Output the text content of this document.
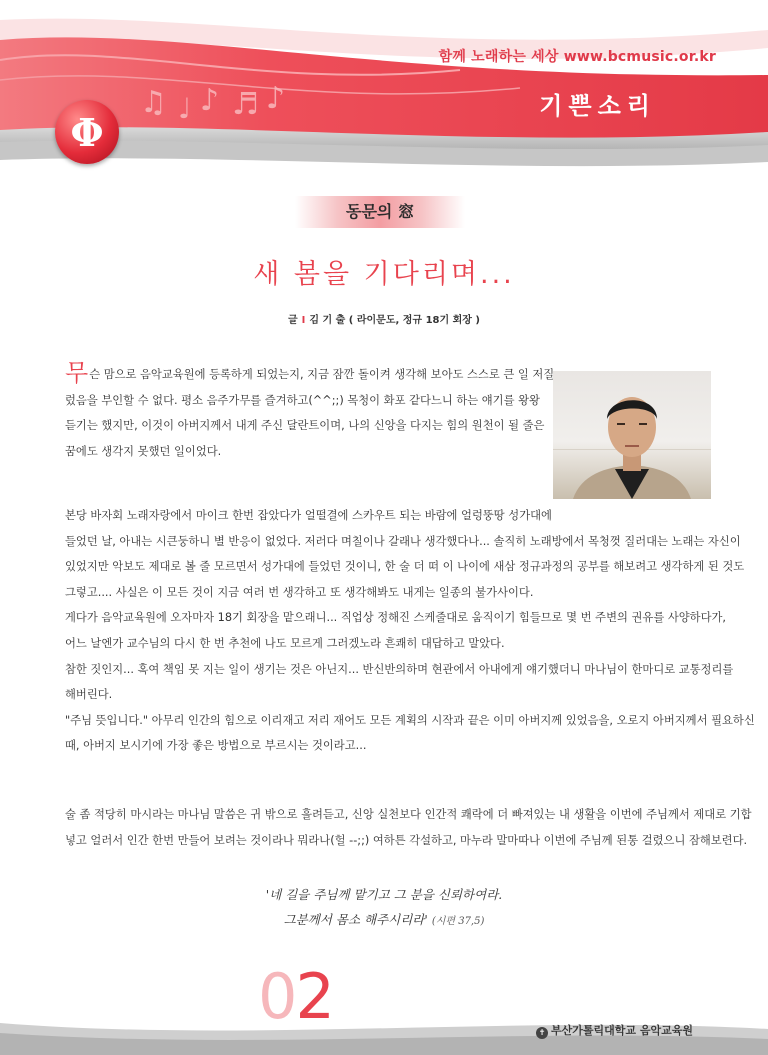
♫ ♩ ♪ ♬ ♪
함께 노래하는 세상 www.bcmusic.or.kr
기쁜소리
Φ
동문의 窓
새 봄을 기다리며...
글 I 김 기 출 ( 라이문도, 정규 18기 회장 )
무 슨 맘으로 음악교육원에 등록하게 되었는지, 지금 잠깐 돌이켜 생각해 보아도 스스로 큰 일 저질
렀음을 부인할 수 없다. 평소 음주가무를 즐겨하고(^^;;) 목청이 화포 같다느니 하는 얘기를 왕왕
듣기는 했지만, 이것이 아버지께서 내게 주신 달란트이며, 나의 신앙을 다지는 힘의 원천이 될 줄은
꿈에도 생각지 못했던 일이었다.
본당 바자회 노래자랑에서 마이크 한번 잡았다가 얼떨결에 스카우트 되는 바람에 얼렁뚱땅 성가대에
들었던 날, 아내는 시큰둥하니 별 반응이 없었다. 저러다 며칠이나 갈래나 생각했다나... 솔직히 노래방에서 목청껏 질러대는 노래는 자신이
있었지만 악보도 제대로 볼 줄 모르면서 성가대에 들었던 것이니, 한 술 더 떠 이 나이에 새삼 정규과정의 공부를 해보려고 생각하게 된 것도
그렇고.... 사실은 이 모든 것이 지금 여러 번 생각하고 또 생각해봐도 내게는 일종의 불가사이다.
게다가 음악교육원에 오자마자 18기 회장을 맡으래니... 직업상 정해진 스케줄대로 움직이기 힘들므로 몇 번 주변의 권유를 사양하다가,
어느 날엔가 교수님의 다시 한 번 추천에 나도 모르게 그러겠노라 흔쾌히 대답하고 말았다.
참한 짓인지... 혹여 책임 못 지는 일이 생기는 것은 아닌지... 반신반의하며 현관에서 아내에게 얘기했더니 마나님이 한마디로 교통정리를
해버린다.
"주님 뜻입니다." 아무리 인간의 힘으로 이리재고 저리 재어도 모든 계획의 시작과 끝은 이미 아버지께 있었음을, 오로지 아버지께서 필요하신
때, 아버지 보시기에 가장 좋은 방법으로 부르시는 것이라고...
술 좀 적당히 마시라는 마나님 말씀은 귀 밖으로 흘려듣고, 신앙 실천보다 인간적 쾌락에 더 빠져있는 내 생활을 이번에 주님께서 제대로 기합
넣고 얼러서 인간 한번 만들어 보려는 것이라나 뭐라나(헐 --;;) 여하튼 각설하고, 마누라 말마따나 이번에 주님께 된통 걸렸으니 잠해보련다.
'네 길을 주님께 맡기고 그 분을 신뢰하여라.
그분께서 몸소 해주시리라' (시편 37,5)
02	✝ 부산가톨릭대학교 음악교육원
